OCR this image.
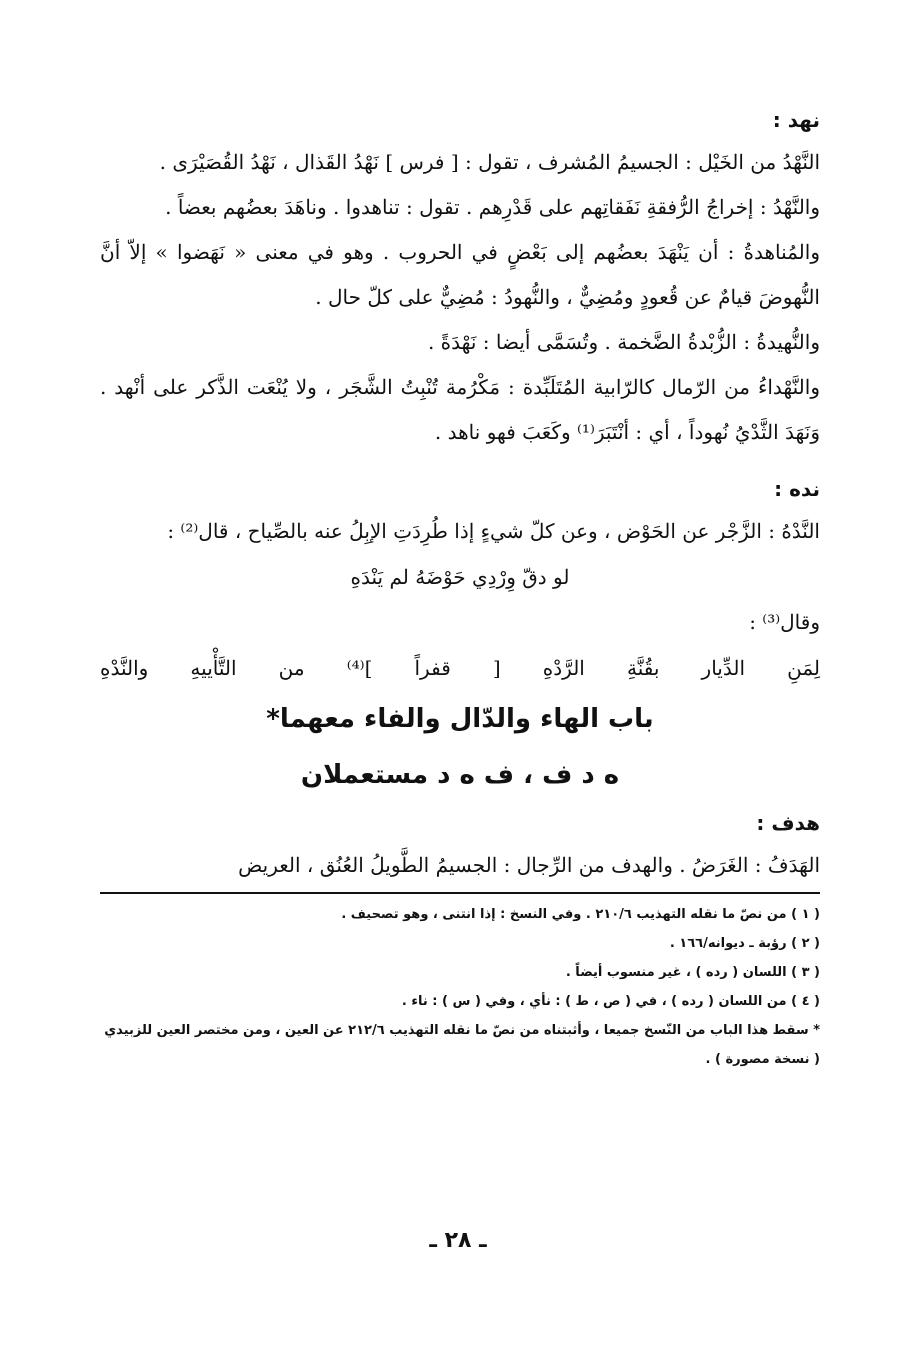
نهد :

النَّهْدُ من الخَيْل : الجسيمُ المُشرف ، تقول : [ فرس ] نَهْدُ القَذال ، نَهْدُ القُصَيْرَى .

والنَّهْدُ : إخراجُ الرُّفقةِ نَفَقاتِهم على قَدْرِهم . تقول : تناهدوا . وناهَدَ بعضُهم بعضاً .

والمُناهدةُ : أن يَنْهَدَ بعضُهم إلى بَعْضٍ في الحروب . وهو في معنى « نَهَضوا » إلاّ أنَّ النُّهوضَ قيامٌ عن قُعودٍ ومُضِيٌّ ، والنُّهودُ : مُضِيٌّ على كلّ حال .

والنُّهيدةُ : الزُّبْدةُ الضَّخمة . وتُسَمَّى أيضا : نَهْدَةً .

والنَّهْداءُ من الرّمال كالرّابية المُتَلَبِّدة : مَكْرُمة تُنْبِتُ الشَّجَر ، ولا يُنْعَت الذَّكر على أنْهد . وَنَهَدَ الثَّدْيُ نُهوداً ، أي : أنْتَبَرَ⁽¹⁾ وكَعَبَ فهو ناهد .

نده :

النَّدْهُ : الزَّجْر عن الحَوْض ، وعن كلّ شيءٍ إذا طُرِدَتِ الإبِلُ عنه بالصِّياح ، قال⁽²⁾ :

لو دقّ وِرْدِي حَوْضَهُ لم يَنْدَهِ

وقال⁽³⁾ :

لِمَنِ الدِّيار بقُنَّةِ الرَّدْهِ [ قفراً ]⁽⁴⁾ من التَّأْييهِ والنَّدْهِ

باب الهاء والدّال والفاء معهما*

ه د ف ، ف ه د مستعملان

هدف :

الهَدَفُ : الغَرَضُ . والهدف من الرِّجال : الجسيمُ الطَّويلُ العُنُق ، العريض

( ١ ) من نصّ ما نقله التهذيب ٢١٠/٦ . وفي النسخ : إذا انتنى ، وهو تصحيف .

( ٢ ) رؤبة ـ ديوانه/١٦٦ .

( ٣ ) اللسان ( رده ) ، غير منسوب أيضاً .

( ٤ ) من اللسان ( رده ) ، في ( ص ، ط ) : نأي ، وفي ( س ) : ناء .

* سقط هذا الباب من النّسخ جميعا ، وأثبتناه من نصّ ما نقله التهذيب ٢١٢/٦ عن العين ، ومن مختصر العين للزبيدي ( نسخة مصورة ) .

ـ ٢٨ ـ
